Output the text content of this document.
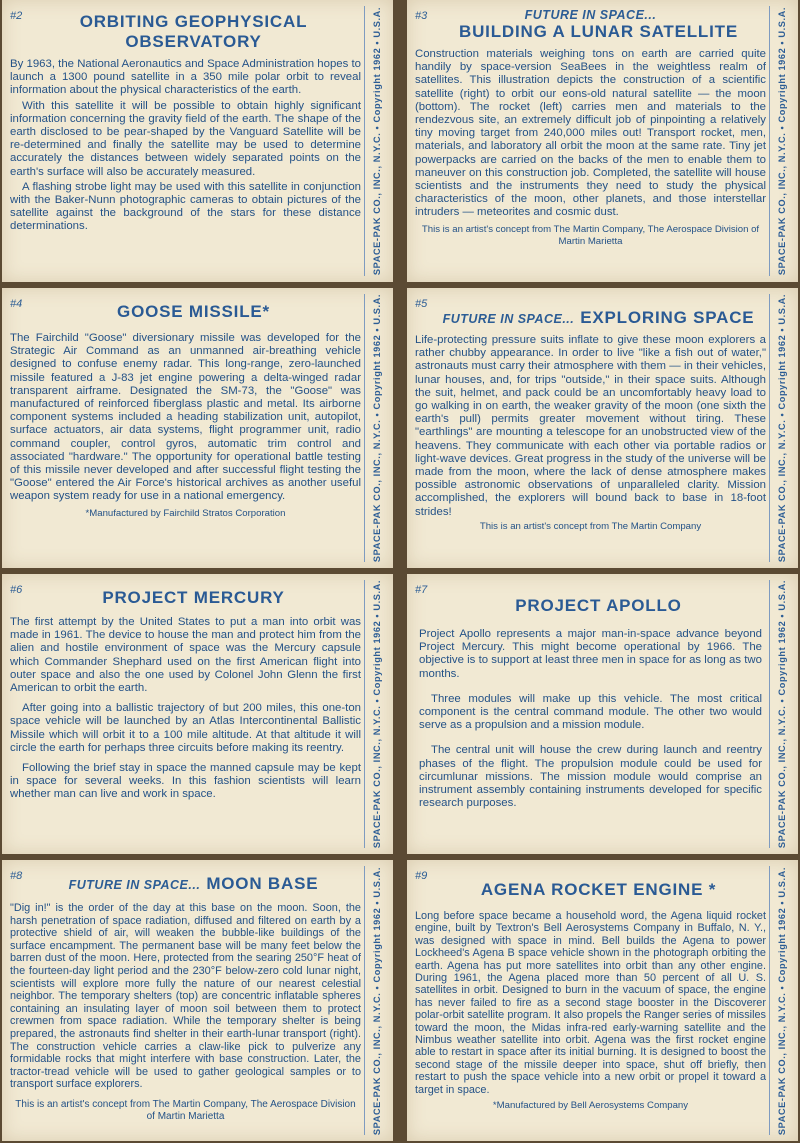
#2	ORBITING GEOPHYSICAL OBSERVATORY

By 1963, the National Aeronautics and Space Administration hopes to launch a 1300 pound satellite in a 350 mile polar orbit to reveal information about the physical characteristics of the earth.

With this satellite it will be possible to obtain highly significant information concerning the gravity field of the earth. The shape of the earth disclosed to be pear-shaped by the Vanguard Satellite will be re-determined and finally the satellite may be used to determine accurately the distances between widely separated points on the earth's surface will also be accurately measured.

A flashing strobe light may be used with this satellite in conjunction with the Baker-Nunn photographic cameras to obtain pictures of the satellite against the background of the stars for these distance determinations.	SPACE-PAK CO., INC., N.Y.C. • Copyright 1962 • U.S.A.	#3	FUTURE IN SPACE...
BUILDING A LUNAR SATELLITE

Construction materials weighing tons on earth are carried quite handily by space-version SeaBees in the weightless realm of satellites. This illustration depicts the construction of a scientific satellite (right) to orbit our eons-old natural satellite — the moon (bottom). The rocket (left) carries men and materials to the rendezvous site, an extremely difficult job of pinpointing a relatively tiny moving target from 240,000 miles out! Transport rocket, men, materials, and laboratory all orbit the moon at the same rate. Tiny jet powerpacks are carried on the backs of the men to enable them to maneuver on this construction job. Completed, the satellite will house scientists and the instruments they need to study the physical characteristics of the moon, other planets, and those interstellar intruders — meteorites and cosmic dust.

This is an artist's concept from The Martin Company, The Aerospace Division of Martin Marietta	SPACE-PAK CO., INC., N.Y.C. • Copyright 1962 • U.S.A.
#4	GOOSE MISSILE*

The Fairchild "Goose" diversionary missile was developed for the Strategic Air Command as an unmanned air-breathing vehicle designed to confuse enemy radar. This long-range, zero-launched missile featured a J-83 jet engine powering a delta-winged radar transparent airframe. Designated the SM-73, the "Goose" was manufactured of reinforced fiberglass plastic and metal. Its airborne component systems included a heading stabilization unit, autopilot, surface actuators, air data systems, flight programmer unit, radio command coupler, control gyros, automatic trim control and associated "hardware." The opportunity for operational battle testing of this missile never developed and after successful flight testing the "Goose" entered the Air Force's historical archives as another useful weapon system ready for use in a national emergency.

*Manufactured by Fairchild Stratos Corporation	SPACE-PAK CO., INC., N.Y.C. • Copyright 1962 • U.S.A.	#5
FUTURE IN SPACE... EXPLORING SPACE

Life-protecting pressure suits inflate to give these moon explorers a rather chubby appearance. In order to live "like a fish out of water," astronauts must carry their atmosphere with them — in their vehicles, lunar houses, and, for trips "outside," in their space suits. Although the suit, helmet, and pack could be an uncomfortably heavy load to go walking in on earth, the weaker gravity of the moon (one sixth the earth's pull) permits greater movement without tiring. These "earthlings" are mounting a telescope for an unobstructed view of the heavens. They communicate with each other via portable radios or light-wave devices. Great progress in the study of the universe will be made from the moon, where the lack of dense atmosphere makes possible astronomic observations of unparalleled clarity. Mission accomplished, the explorers will bound back to base in 18-foot strides!

This is an artist's concept from The Martin Company	SPACE-PAK CO., INC., N.Y.C. • Copyright 1962 • U.S.A.
#6	PROJECT MERCURY

The first attempt by the United States to put a man into orbit was made in 1961. The device to house the man and protect him from the alien and hostile environment of space was the Mercury capsule which Commander Shephard used on the first American flight into outer space and also the one used by Colonel John Glenn the first American to orbit the earth.

After going into a ballistic trajectory of but 200 miles, this one-ton space vehicle will be launched by an Atlas Intercontinental Ballistic Missile which will orbit it to a 100 mile altitude. At that altitude it will circle the earth for perhaps three circuits before making its reentry.

Following the brief stay in space the manned capsule may be kept in space for several weeks. In this fashion scientists will learn whether man can live and work in space.	SPACE-PAK CO., INC., N.Y.C. • Copyright 1962 • U.S.A.	#7
PROJECT APOLLO

Project Apollo represents a major man-in-space advance beyond Project Mercury. This might become operational by 1966. The objective is to support at least three men in space for as long as two months.

Three modules will make up this vehicle. The most critical component is the central command module. The other two would serve as a propulsion and a mission module.

The central unit will house the crew during launch and reentry phases of the flight. The propulsion module could be used for circumlunar missions. The mission module would comprise an instrument assembly containing instruments developed for specific research purposes.	SPACE-PAK CO., INC., N.Y.C. • Copyright 1962 • U.S.A.
#8
FUTURE IN SPACE... MOON BASE

"Dig in!" is the order of the day at this base on the moon. Soon, the harsh penetration of space radiation, diffused and filtered on earth by a protective shield of air, will weaken the bubble-like buildings of the surface encampment. The permanent base will be many feet below the barren dust of the moon. Here, protected from the searing 250°F heat of the fourteen-day light period and the 230°F below-zero cold lunar night, scientists will explore more fully the nature of our nearest celestial neighbor. The temporary shelters (top) are concentric inflatable spheres containing an insulating layer of moon soil between them to protect crewmen from space radiation. While the temporary shelter is being prepared, the astronauts find shelter in their earth-lunar transport (right). The construction vehicle carries a claw-like pick to pulverize any formidable rocks that might interfere with base construction. Later, the tractor-tread vehicle will be used to gather geological samples or to transport surface explorers.

This is an artist's concept from The Martin Company, The Aerospace Division of Martin Marietta	SPACE-PAK CO., INC., N.Y.C. • Copyright 1962 • U.S.A.	#9
AGENA ROCKET ENGINE *

Long before space became a household word, the Agena liquid rocket engine, built by Textron's Bell Aerosystems Company in Buffalo, N. Y., was designed with space in mind. Bell builds the Agena to power Lockheed's Agena B space vehicle shown in the photograph orbiting the earth. Agena has put more satellites into orbit than any other engine. During 1961, the Agena placed more than 50 percent of all U. S. satellites in orbit. Designed to burn in the vacuum of space, the engine has never failed to fire as a second stage booster in the Discoverer polar-orbit satellite program. It also propels the Ranger series of missiles toward the moon, the Midas infra-red early-warning satellite and the Nimbus weather satellite into orbit. Agena was the first rocket engine able to restart in space after its initial burning. It is designed to boost the second stage of the missile deeper into space, shut off briefly, then restart to push the space vehicle into a new orbit or propel it toward a target in space.

*Manufactured by Bell Aerosystems Company	SPACE-PAK CO., INC., N.Y.C. • Copyright 1962 • U.S.A.
